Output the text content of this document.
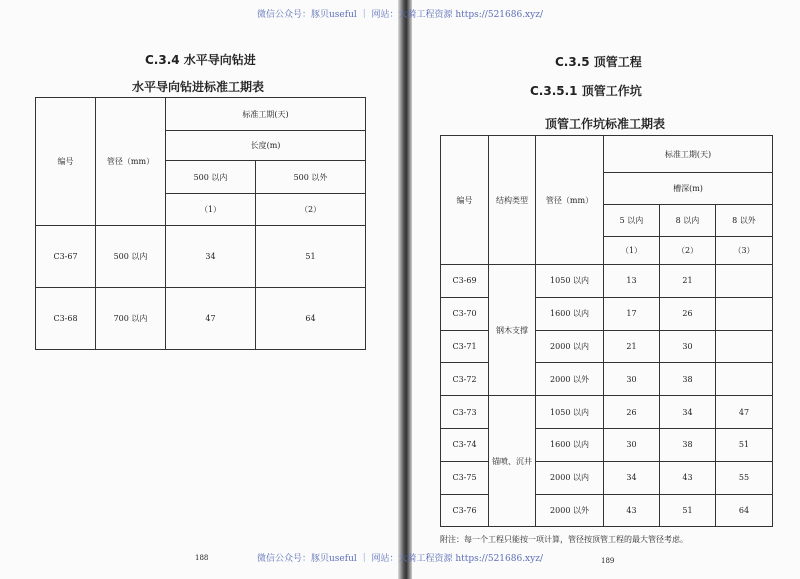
微信公众号：豚贝useful ｜ 网站：大骑工程资源 https://521686.xyz/
微信公众号：豚贝useful ｜ 网站：大骑工程资源 https://521686.xyz/
C.3.4 水平导向钻进
水平导向钻进标准工期表
编号	管径（mm）	标准工期(天)	
		长度(m)	
		500 以内	500 以外
		（1）	（2）
C3-67	500 以内	34	51
C3-68	700 以内	47	64
188
C.3.5 顶管工程
C.3.5.1 顶管工作坑
顶管工作坑标准工期表
编号	结构类型	管径（mm）	标准工期(天)		
			槽深(m)		
			5 以内	8 以内	8 以外
			（1）	（2）	（3）
C3-69	钢木支撑	1050 以内	13	21	
C3-70		1600 以内	17	26	
C3-71		2000 以内	21	30	
C3-72		2000 以外	30	38	
C3-73	锚喷、沉井	1050 以内	26	34	47
C3-74		1600 以内	30	38	51
C3-75		2000 以内	34	43	55
C3-76		2000 以外	43	51	64
附注：每一个工程只能按一项计算，管径按顶管工程的最大管径考虑。
189
